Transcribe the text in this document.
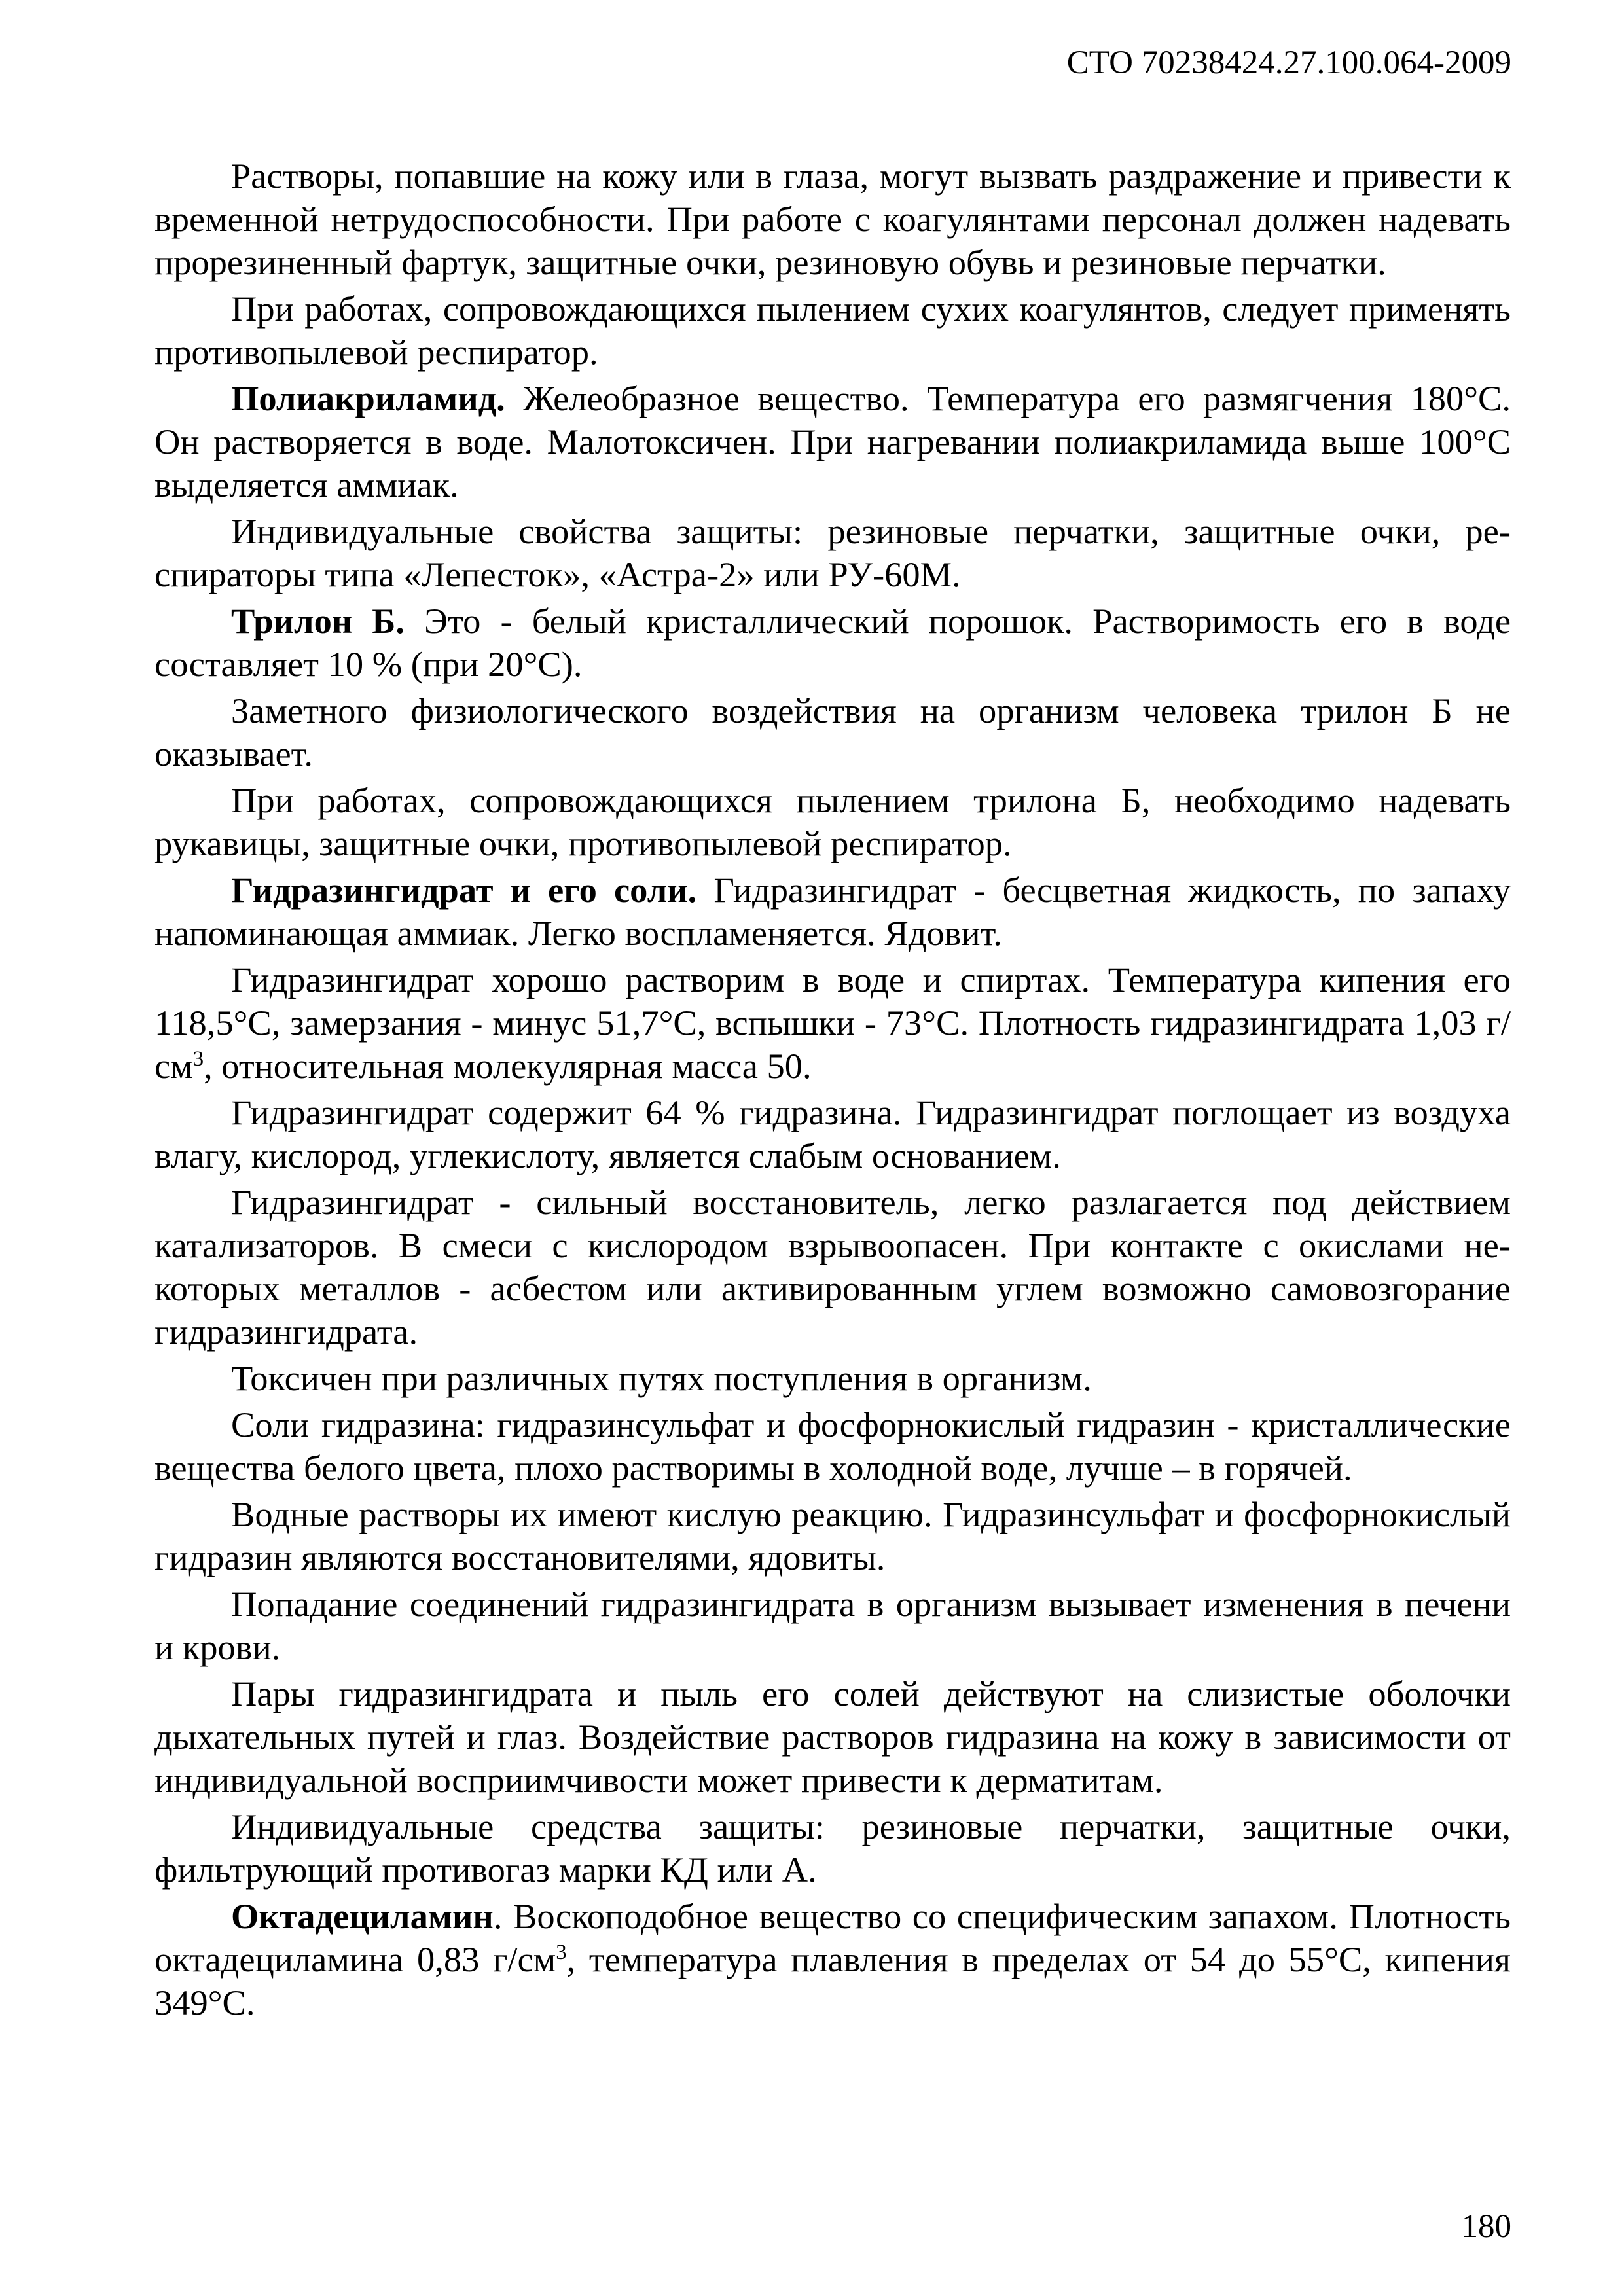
СТО 70238424.27.100.064-2009

Растворы, попавшие на кожу или в глаза, могут вызвать раздражение и привести к временной нетрудоспособности. При работе с коагулянтами персонал должен надевать прорезиненный фартук, защитные очки, резиновую обувь и резиновые перчатки.

При работах, сопровождающихся пылением сухих коагулянтов, следует применять противопылевой респиратор.

Полиакриламид. Желеобразное вещество. Температура его размягчения 180°С. Он растворяется в воде. Малотоксичен. При нагревании полиакриламида выше 100°С выделяется аммиак.

Индивидуальные свойства защиты: резиновые перчатки, защитные очки, респираторы типа «Лепесток», «Астра-2» или РУ-60М.

Трилон Б. Это - белый кристаллический порошок. Растворимость его в воде составляет 10 % (при 20°С).

Заметного физиологического воздействия на организм человека трилон Б не оказывает.

При работах, сопровождающихся пылением трилона Б, необходимо надевать рукавицы, защитные очки, противопылевой респиратор.

Гидразингидрат и его соли. Гидразингидрат - бесцветная жидкость, по запаху напоминающая аммиак. Легко воспламеняется. Ядовит.

Гидразингидрат хорошо растворим в воде и спиртах. Температура кипения его 118,5°С, замерзания - минус 51,7°С, вспышки - 73°С. Плотность гидразингидрата 1,03 $г/см^3$, относительная молекулярная масса 50.

Гидразингидрат содержит 64 % гидразина. Гидразингидрат поглощает из воздуха влагу, кислород, углекислоту, является слабым основанием.

Гидразингидрат - сильный восстановитель, легко разлагается под действием катализаторов. В смеси с кислородом взрывоопасен. При контакте с окислами некоторых металлов - асбестом или активированным углем возможно самовозгорание гидразингидрата.

Токсичен при различных путях поступления в организм.

Соли гидразина: гидразинсульфат и фосфорнокислый гидразин - кристаллические вещества белого цвета, плохо растворимы в холодной воде, лучше – в горячей.

Водные растворы их имеют кислую реакцию. Гидразинсульфат и фосфорнокислый гидразин являются восстановителями, ядовиты.

Попадание соединений гидразингидрата в организм вызывает изменения в печени и крови.

Пары гидразингидрата и пыль его солей действуют на слизистые оболочки дыхательных путей и глаз. Воздействие растворов гидразина на кожу в зависимости от индивидуальной восприимчивости может привести к дерматитам.

Индивидуальные средства защиты: резиновые перчатки, защитные очки, фильтрующий противогаз марки КД или А.

Октадециламин. Воскоподобное вещество со специфическим запахом. Плотность октадециламина 0,83 $г/см^3$, температура плавления в пределах от 54 до 55°С, кипения 349°С.

180
